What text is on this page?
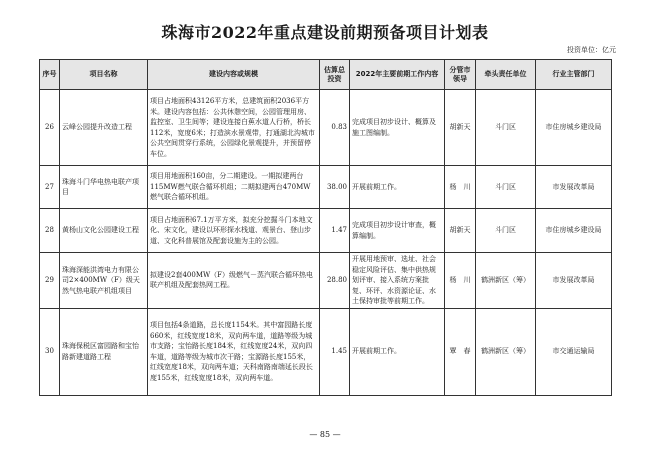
珠海市2022年重点建设前期预备项目计划表
投资单位：亿元
序号	项目名称	建设内容或规模	估算总投资	2022年主要前期工作内容	分管市领导	牵头责任单位	行业主管部门
26	云峰公园提升改造工程	项目占地面积43126平方米，总建筑面积2036平方米。建设内容包括：公共休憩空间，公园管理用房、监控室、卫生间等；建设连接白蕉水道人行桥，桥长112米，宽度6米；打造滨水景观带，打通湖北沟城市公共空间贯穿行系统，公园绿化景观提升，并预留停车位。	0.83	完成项目初步设计、概算及施工图编制。	胡新天	斗门区	市住房城乡建设局
27	珠海斗门华电热电联产项目	项目用地面积160亩，分二期建设。一期拟建两台115MW燃气联合循环机组；二期拟建两台470MW燃气联合循环机组。	38.00	开展前期工作。	杨　川	斗门区	市发展改革局
28	黄杨山文化公园建设工程	项目占地面积67.1万平方米，拟充分挖掘斗门本地文化、宋文化，建设以环形探水栈道、观景台、登山步道、文化科普展馆及配套设施为主的公园。	1.47	完成项目初步设计审查，概算编制。	胡新天	斗门区	市住房城乡建设局
29	珠海深能洪湾电力有限公司2×400MW（F）级天然气热电联产机组项目	拟建设2套400MW（F）级燃气－蒸汽联合循环热电联产机组及配套热网工程。	28.80	开展用地预审、选址、社会稳定风险评估、集中供热规划评审、接入系统方案批复、环评、水资源论证、水土保持审批等前期工作。	杨　川	鹤洲新区（筹）	市发展改革局
30	珠海保税区富园路和宝怡路新建道路工程	项目包括4条道路，总长度1154米。其中富园路长度660米，红线宽度18米，双向两车道，道路等级为城市支路；宝怡路长度184米，红线宽度24米，双向四车道，道路等级为城市次干路；宝源路长度155米，红线宽度18米，双向两车道；天科南路南端延长段长度155米，红线宽度18米，双向两车道。	1.45	开展前期工作。	覃　春	鹤洲新区（筹）	市交通运输局
— 85 —
